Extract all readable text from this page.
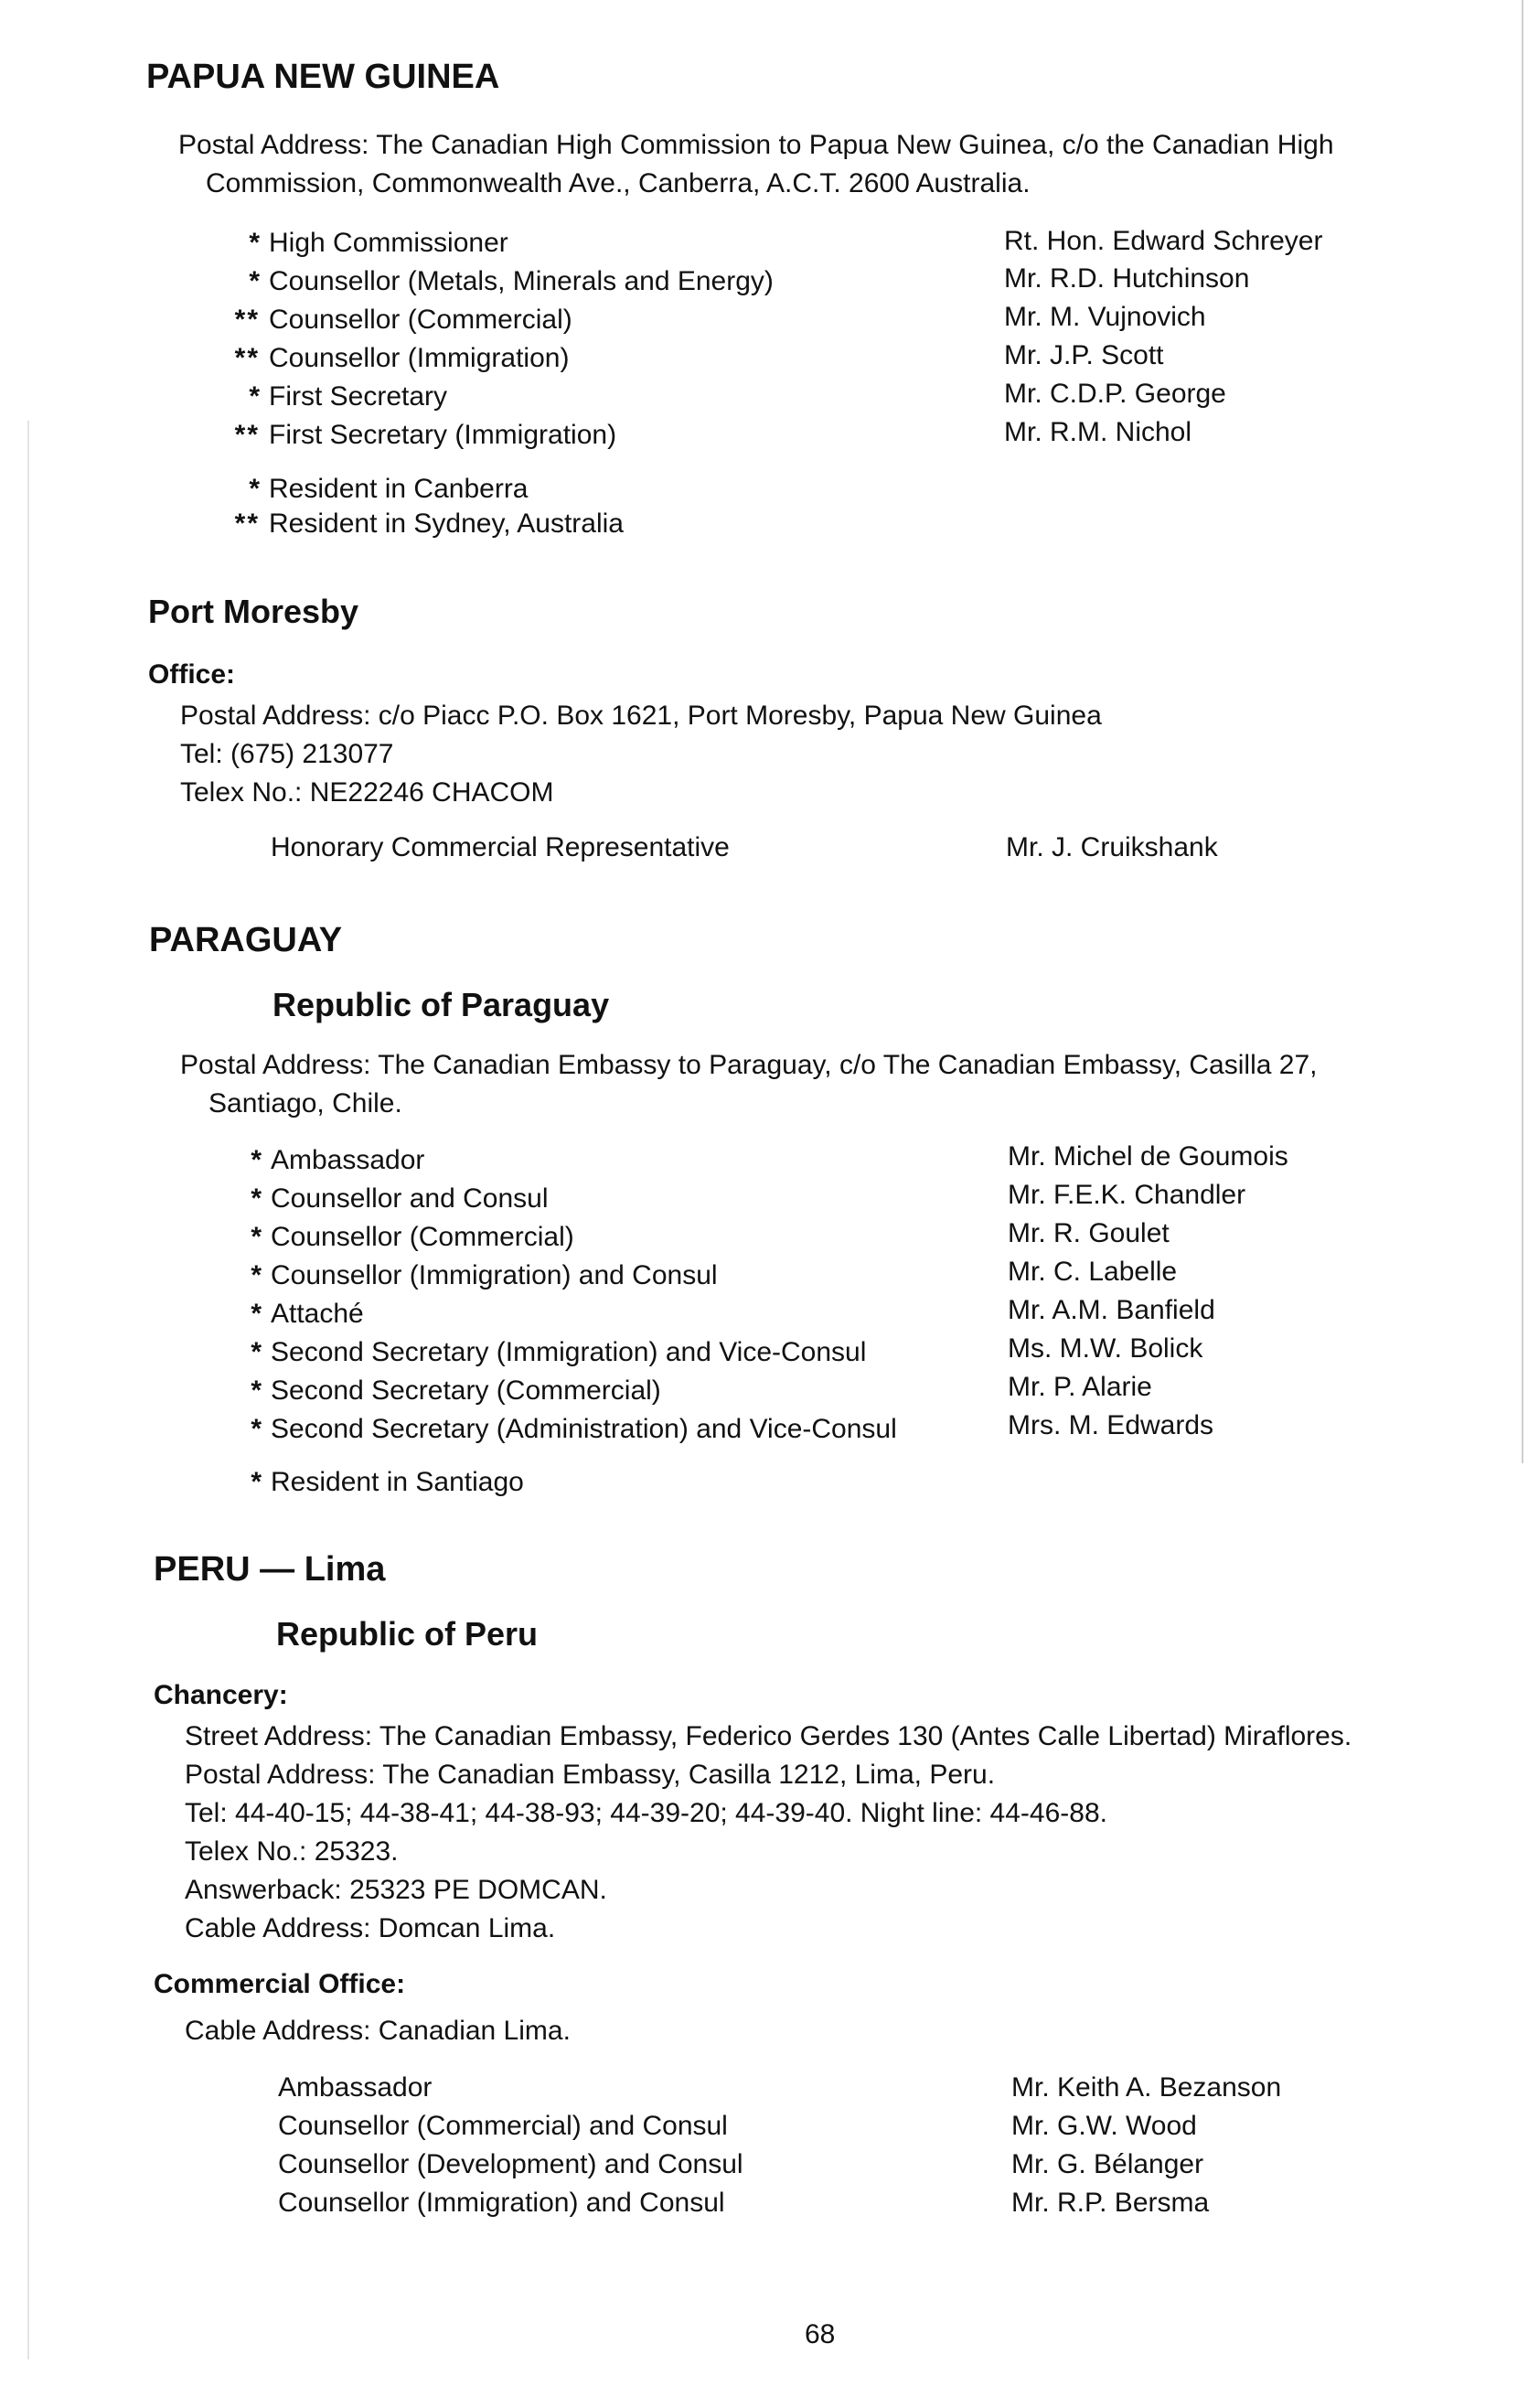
PAPUA NEW GUINEA
Postal Address: The Canadian High Commission to Papua New Guinea, c/o the Canadian High
Commission, Commonwealth Ave., Canberra, A.C.T. 2600 Australia.
* High Commissioner	Rt. Hon. Edward Schreyer
* Counsellor (Metals, Minerals and Energy)	Mr. R.D. Hutchinson
** Counsellor (Commercial)	Mr. M. Vujnovich
** Counsellor (Immigration)	Mr. J.P. Scott
* First Secretary	Mr. C.D.P. George
** First Secretary (Immigration)	Mr. R.M. Nichol
* Resident in Canberra
** Resident in Sydney, Australia
Port Moresby
Office:
Postal Address: c/o Piacc P.O. Box 1621, Port Moresby, Papua New Guinea
Tel: (675) 213077
Telex No.: NE22246 CHACOM
Honorary Commercial Representative	Mr. J. Cruikshank
PARAGUAY
Republic of Paraguay
Postal Address: The Canadian Embassy to Paraguay, c/o The Canadian Embassy, Casilla 27,
Santiago, Chile.
* Ambassador	Mr. Michel de Goumois
* Counsellor and Consul	Mr. F.E.K. Chandler
* Counsellor (Commercial)	Mr. R. Goulet
* Counsellor (Immigration) and Consul	Mr. C. Labelle
* Attaché	Mr. A.M. Banfield
* Second Secretary (Immigration) and Vice-Consul	Ms. M.W. Bolick
* Second Secretary (Commercial)	Mr. P. Alarie
* Second Secretary (Administration) and Vice-Consul	Mrs. M. Edwards
* Resident in Santiago
PERU — Lima
Republic of Peru
Chancery:
Street Address: The Canadian Embassy, Federico Gerdes 130 (Antes Calle Libertad) Miraflores.
Postal Address: The Canadian Embassy, Casilla 1212, Lima, Peru.
Tel: 44-40-15; 44-38-41; 44-38-93; 44-39-20; 44-39-40. Night line: 44-46-88.
Telex No.: 25323.
Answerback: 25323 PE DOMCAN.
Cable Address: Domcan Lima.
Commercial Office:
Cable Address: Canadian Lima.
Ambassador	Mr. Keith A. Bezanson
Counsellor (Commercial) and Consul	Mr. G.W. Wood
Counsellor (Development) and Consul	Mr. G. Bélanger
Counsellor (Immigration) and Consul	Mr. R.P. Bersma
68
